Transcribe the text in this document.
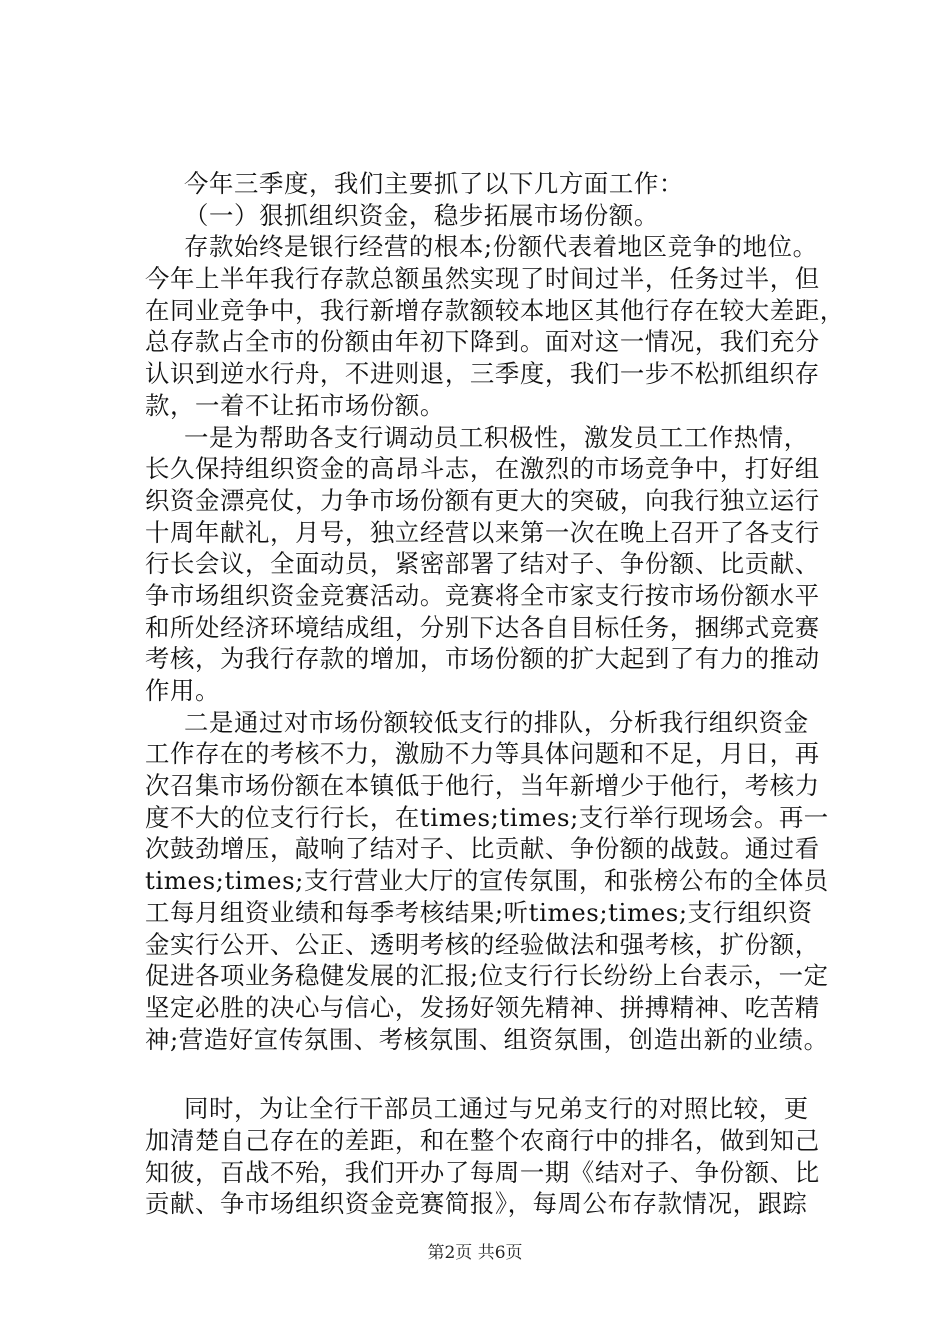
今年三季度，我们主要抓了以下几方面工作：
（一）狠抓组织资金，稳步拓展市场份额。
存款始终是银行经营的根本;份额代表着地区竞争的地位。
今年上半年我行存款总额虽然实现了时间过半，任务过半，但
在同业竞争中，我行新增存款额较本地区其他行存在较大差距，
总存款占全市的份额由年初下降到。面对这一情况，我们充分
认识到逆水行舟，不进则退，三季度，我们一步不松抓组织存
款，一着不让拓市场份额。
一是为帮助各支行调动员工积极性，激发员工工作热情，
长久保持组织资金的高昂斗志，在激烈的市场竞争中，打好组
织资金漂亮仗，力争市场份额有更大的突破，向我行独立运行
十周年献礼，月号，独立经营以来第一次在晚上召开了各支行
行长会议，全面动员，紧密部署了结对子、争份额、比贡献、
争市场组织资金竞赛活动。竞赛将全市家支行按市场份额水平
和所处经济环境结成组，分别下达各自目标任务，捆绑式竞赛
考核，为我行存款的增加，市场份额的扩大起到了有力的推动
作用。
二是通过对市场份额较低支行的排队，分析我行组织资金
工作存在的考核不力，激励不力等具体问题和不足，月日，再
次召集市场份额在本镇低于他行，当年新增少于他行，考核力
度不大的位支行行长，在times;times;支行举行现场会。再一
次鼓劲增压，敲响了结对子、比贡献、争份额的战鼓。通过看
times;times;支行营业大厅的宣传氛围，和张榜公布的全体员
工每月组资业绩和每季考核结果;听times;times;支行组织资
金实行公开、公正、透明考核的经验做法和强考核，扩份额，
促进各项业务稳健发展的汇报;位支行行长纷纷上台表示，一定
坚定必胜的决心与信心，发扬好领先精神、拼搏精神、吃苦精
神;营造好宣传氛围、考核氛围、组资氛围，创造出新的业绩。
同时，为让全行干部员工通过与兄弟支行的对照比较，更
加清楚自己存在的差距，和在整个农商行中的排名，做到知己
知彼，百战不殆，我们开办了每周一期《结对子、争份额、比
贡献、争市场组织资金竞赛简报》，每周公布存款情况，跟踪
第2页 共6页
